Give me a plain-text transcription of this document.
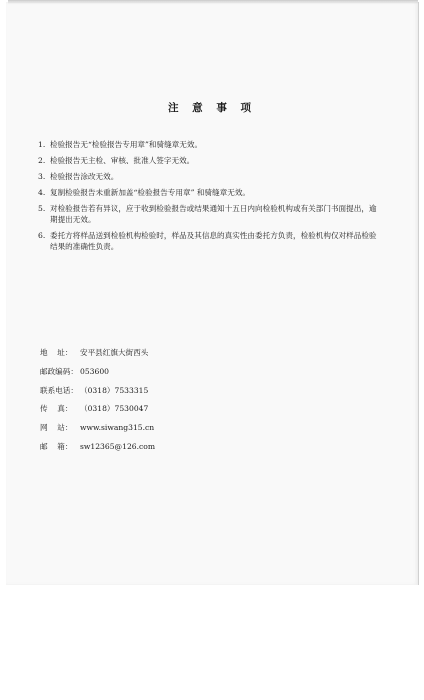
注 意 事 项
1. 检验报告无“检验报告专用章”和骑缝章无效。
2. 检验报告无主检、审核、批准人签字无效。
3. 检验报告涂改无效。
4. 复制检验报告未重新加盖“检验报告专用章” 和骑缝章无效。
5. 对检验报告若有异议，应于收到检验报告或结果通知十五日内向检验机构或有关部门书面提出，逾期提出无效。
6. 委托方将样品送到检验机构检验时，样品及其信息的真实性由委托方负责，检验机构仅对样品检验结果的准确性负责。
地    址： 安平县红旗大街西头
邮政编码： 053600
联系电话： （0318）7533315
传    真： （0318）7530047
网    站： www.siwang315.cn
邮    箱： sw12365@126.com
